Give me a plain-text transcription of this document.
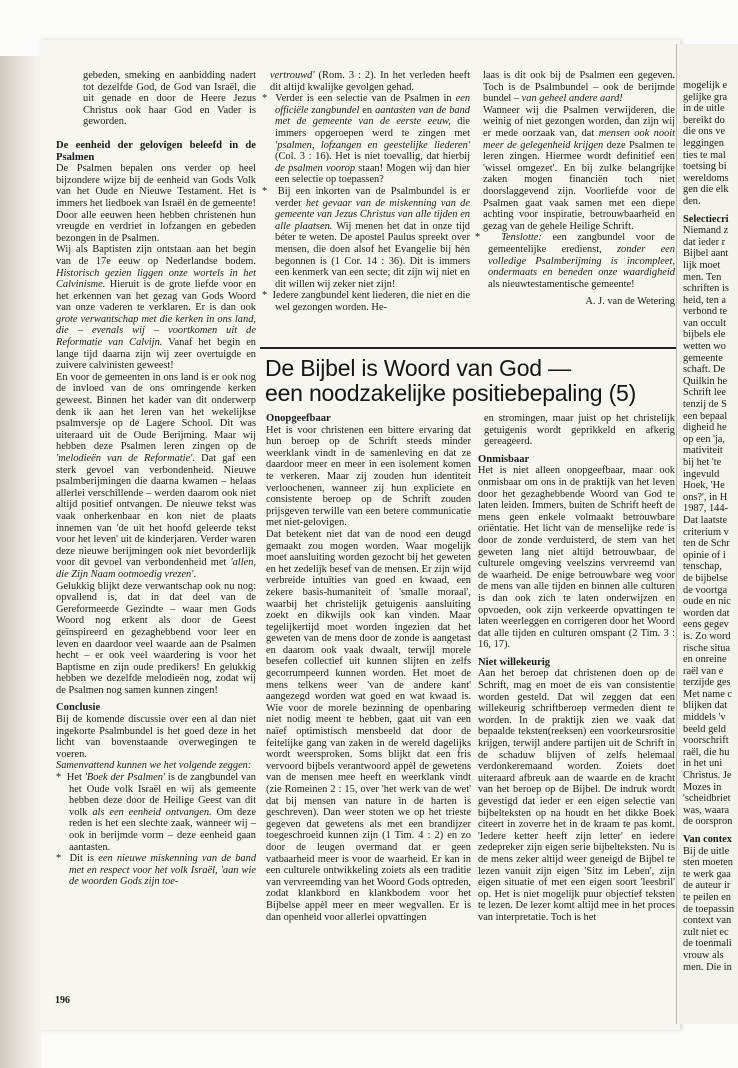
gebeden, smeking en aanbidding nadert tot dezelfde God, de God van Israël, die uit genade en door de Heere Jezus Christus ook haar God en Vader is geworden.

De eenheid der gelovigen beleefd in de Psalmen

De Psalmen bepalen ons verder op heel bijzondere wijze bij de eenheid van Gods Volk van het Oude en Nieuwe Testament. Het is immers het liedboek van Israël èn de gemeente! Door alle eeuwen heen hebben christenen hun vreugde en verdriet in lofzangen en gebeden bezongen in de Psalmen.

Wij als Baptisten zijn ontstaan aan het begin van de 17e eeuw op Nederlandse bodem. Historisch gezien liggen onze wortels in het Calvinisme. Hieruit is de grote liefde voor en het erkennen van het gezag van Gods Woord van onze vaderen te verklaren. Er is dan ook grote verwantschap met die kerken in ons land, die – evenals wij – voortkomen uit de Reformatie van Calvijn. Vanaf het begin en lange tijd daarna zijn wij zeer overtuigde en zuivere calvinisten geweest!

En voor de gemeenten in ons land is er ook nog de invloed van de ons omringende kerken geweest. Binnen het kader van dit onderwerp denk ik aan het leren van het wekelijkse psalmversje op de Lagere School. Dit was uiteraard uit de Oude Berijming. Maar wij hebben deze Psalmen leren zingen op de 'melodieën van de Reformatie'. Dat gaf een sterk gevoel van verbondenheid. Nieuwe psalmberijmingen die daarna kwamen – helaas allerlei verschillende – werden daarom ook niet altijd positief ontvangen. De nieuwe tekst was vaak onherkenbaar en kon niet de plaats innemen van 'de uit het hoofd geleerde tekst voor het leven' uit de kinderjaren. Verder waren deze nieuwe berijmingen ook niet bevorderlijk voor dit gevoel van verbondenheid met 'allen, die Zijn Naam ootmoedig vrezen'.

Gelukkig blijkt deze verwantschap ook nu nog: opvallend is, dat in dat deel van de Gereformeerde Gezindte – waar men Gods Woord nog erkent als door de Geest geïnspireerd en gezaghebbend voor leer en leven en daardoor veel waarde aan de Psalmen hecht – er ook veel waardering is voor het Baptisme en zijn oude predikers! En gelukkig hebben we dezelfde melodieën nog, zodat wij de Psalmen nog samen kunnen zingen!

Conclusie

Bij de komende discussie over een al dan niet ingekorte Psalmbundel is het goed deze in het licht van bovenstaande overwegingen te voeren.

Samenvattend kunnen we het volgende zeggen:

*  Het 'Boek der Psalmen' is de zangbundel van het Oude volk Israël en wij als gemeente hebben deze door de Heilige Geest van dit volk als een eenheid ontvangen. Om deze reden is het een slechte zaak, wanneer wij – ook in berijmde vorm – deze eenheid gaan aantasten.

*  Dit is een nieuwe miskenning van de band met en respect voor het volk Israël, 'aan wie de woorden Gods zijn toe-

vertrouwd' (Rom. 3 : 2). In het verleden heeft dit altijd kwalijke gevolgen gehad.

*  Verder is een selectie van de Psalmen in een officiële zangbundel en aantasten van de band met de gemeente van de eerste eeuw, die immers opgeroepen werd te zingen met 'psalmen, lofzangen en geestelijke liederen' (Col. 3 : 16). Het is niet toevallig, dat hierbij de psalmen voorop staan! Mogen wij dan hier een selectie op toepassen?

*  Bij een inkorten van de Psalmbundel is er verder het gevaar van de miskenning van de gemeente van Jezus Christus van alle tijden en alle plaatsen. Wij menen het dat in onze tijd béter te weten. De apostel Paulus spreekt over mensen, die doen alsof het Evangelie bij hèn begonnen is (1 Cor. 14 : 36). Dit is immers een kenmerk van een secte; dit zijn wij niet en dit willen wij zeker niet zijn!

*  Iedere zangbundel kent liederen, die niet en die wel gezongen worden. He-

laas is dit ook bij de Psalmen een gegeven. Toch is de Psalmbundel – ook de berijmde bundel – van geheel andere aard!

Wanneer wij die Psalmen verwijderen, die weinig of niet gezongen worden, dan zijn wij er mede oorzaak van, dat mensen ook nooit meer de gelegenheid krijgen deze Psalmen te leren zingen. Hiermee wordt definitief een 'wissel omgezet'. En bij zulke belangrijke zaken mogen financiën toch niet doorslaggevend zijn. Voorliefde voor de Psalmen gaat vaak samen met een diepe achting voor inspiratie, betrouwbaarheid en gezag van de gehele Heilige Schrift.

*  Tenslotte: een zangbundel voor de gemeentelijke eredienst, zonder een volledige Psalmberijming is incompleet, ondermaats en beneden onze waardigheid als nieuwtestamentische gemeente!

A. J. van de Wetering

De Bijbel is Woord van God —
een noodzakelijke positiebepaling (5)

Onopgeefbaar

Het is voor christenen een bittere ervaring dat hun beroep op de Schrift steeds minder weerklank vindt in de samenleving en dat ze daardoor meer en meer in een isolement komen te verkeren. Maar zij zouden hun identiteit verloochenen, wanneer zij hun expliciete en consistente beroep op de Schrift zouden prijsgeven terwille van een betere communicatie met niet-gelovigen.

Dat betekent niet dat van de nood een deugd gemaakt zou mogen worden. Waar mogelijk moet aansluiting worden gezocht bij het geweten en het zedelijk besef van de mensen. Er zijn wijd verbreide intuïties van goed en kwaad, een zekere basis-humaniteit of 'smalle moraal', waarbij het christelijk getuigenis aansluiting zoekt en dikwijls ook kan vinden. Maar tegelijkertijd moet worden ingezien dat het geweten van de mens door de zonde is aangetast en daarom ook vaak dwaalt, terwijl morele besefen collectief uit kunnen slijten en zelfs gecorrumpeerd kunnen worden. Het moet de mens telkens weer 'van de andere kant' aangezegd worden wat goed en wat kwaad is. Wie voor de morele bezinning de openbaring niet nodig meent te hebben, gaat uit van een naïef optimistisch mensbeeld dat door de feitelijke gang van zaken in de wereld dagelijks wordt weersproken. Soms blijkt dat een fris vervoord bijbels verantwoord appèl de gewetens van de mensen mee heeft en weerklank vindt (zie Romeinen 2 : 15, over 'het werk van de wet' dat bij mensen van nature in de harten is geschreven). Dan weer stoten we op het trieste gegeven dat gewetens als met een brandijzer toegeschroeid kunnen zijn (1 Tim. 4 : 2) en zo door de leugen overmand dat er geen vatbaarheid meer is voor de waarheid. Er kan in een culturele ontwikkeling zoiets als een traditie van vervreemding van het Woord Gods optreden, zodat klankbord en klankbodem voor het Bijbelse appèl meer en meer wegvallen. Er is dan openheid voor allerlei opvattingen

en stromingen, maar juist op het christelijk getuigenis wordt geprikkeld en afkerig gereageerd.

Onmisbaar

Het is niet alleen onopgeefbaar, maar ook onmisbaar om ons in de praktijk van het leven door het gezaghebbende Woord van God te laten leiden. Immers, buiten de Schrift heeft de mens geen enkele volmaakt betrouwbare oriëntatie. Het licht van de menselijke rede is door de zonde verduisterd, de stem van het geweten lang niet altijd betrouwbaar, de culturele omgeving veelszins vervreemd van de waarheid. De enige betrouwbare weg voor de mens van alle tijden en binnen alle culturen is dan ook zich te laten onderwijzen en opvoeden, ook zijn verkeerde opvattingen te laten weerleggen en corrigeren door het Woord dat alle tijden en culturen omspant (2 Tim. 3 : 16, 17).

Niet willekeurig

Aan het beroep dat christenen doen op de Schrift, mag en moet de eis van consistentie worden gesteld. Dat wil zeggen dat een willekeurig schriftberoep vermeden dient te worden. In de praktijk zien we vaak dat bepaalde teksten(reeksen) een voorkeursrositie krijgen, terwijl andere partijen uit de Schrift in de schaduw blijven of zelfs helemaal verdonkeremaand worden. Zoiets doet uiteraard afbreuk aan de waarde en de kracht van het beroep op de Bijbel. De indruk wordt gevestigd dat ieder er een eigen selectie van bijbelteksten op na houdt en het dikke Boek citeert in zoverre het in de kraam te pas komt. 'Iedere ketter heeft zijn letter' en iedere zedepreker zijn eigen serie bijbelteksten. Nu is de mens zeker altijd weer geneigd de Bijbel te lezen vanuit zijn eigen 'Sitz im Leben', zijn eigen situatie of met een eigen soort 'leesbril' op. Het is niet mogelijk puur objectief teksten te lezen. De lezer komt altijd mee in het proces van interpretatie. Toch is het

196
mogelijk e
gelijke gra
in de uitle
bereikt do
die ons ve
leggingen
ties te mal
toetsing bi
wereldoms
gen die elk
den.
Selectiecri
Niemand z
dat ieder r
Bijbel aant
lijk moet
men. Ten
schriften is
heid, ten a
verbond te
van occult
bijbels ele
wetten wo
gemeente
schaft. De
Quilkin he
Schrift lee
tenzij de S
een bepaal
digheid he
op een 'ja,
mativiteit
bij het 'te
ingevuld
Hoek, 'He
ons?', in H
1987, 144-
Dat laatste
criterium v
ten de Schr
opinie of i
tenschap,
de bijbelse
de voortga
oude en nic
worden dat
eens gegev
is. Zo word
rische situa
en onreine
raël van e
terzijde ges
Met name c
blijken dat
middels 'v
beeld geld
voorschrift
raël, die hu
in het uni
Christus. Je
Mozes in
'scheidbriet
was, waara
de oorspron
Van contex
Bij de uitle
sten moeten
te werk gaa
de auteur ir
te peilen en
de toepassin
context van
zult niet ec
de toenmali
vrouw als
men. Die in
